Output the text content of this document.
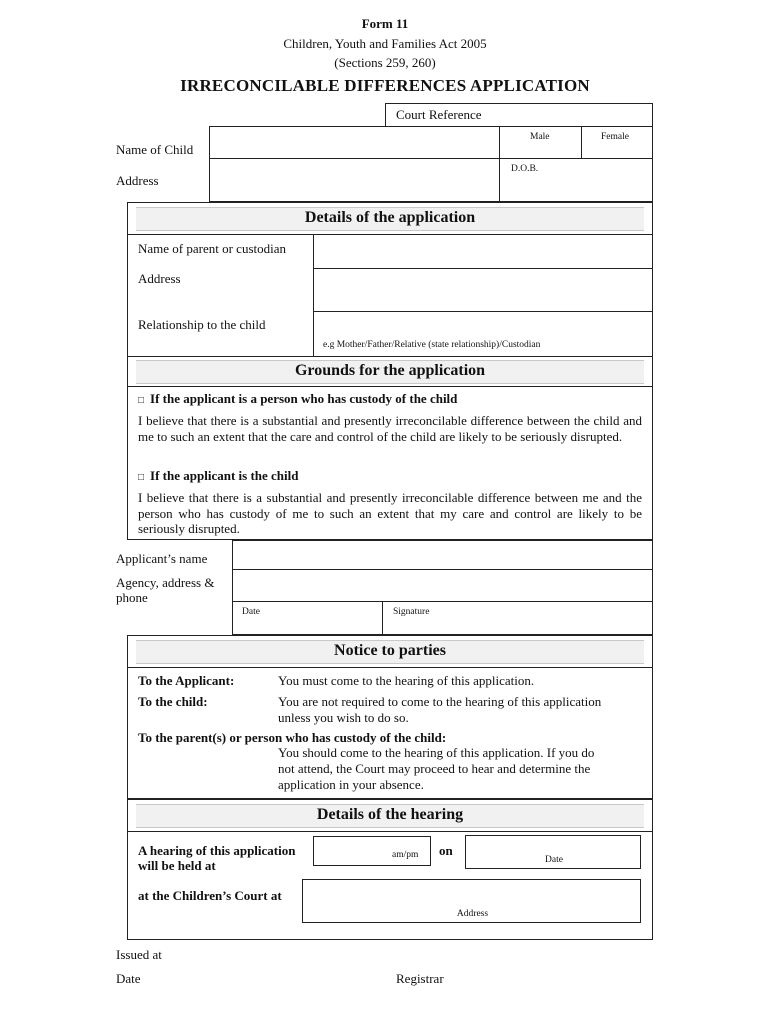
Form 11
Children, Youth and Families Act 2005
(Sections 259, 260)
IRRECONCILABLE DIFFERENCES APPLICATION
Court Reference
Male	Female
D.O.B.
Name of Child
Address
Details of the application
Name of parent or custodian
Address
Relationship to the child
e.g Mother/Father/Relative (state relationship)/Custodian
Grounds for the application
□ If the applicant is a person who has custody of the child
I believe that there is a substantial and presently irreconcilable difference between the child and me to such an extent that the care and control of the child are likely to be seriously disrupted.
□ If the applicant is the child
I believe that there is a substantial and presently irreconcilable difference between me and the person who has custody of me to such an extent that my care and control are likely to be seriously disrupted.
Date	Signature
Applicant’s name
Agency, address &
phone
Notice to parties
To the Applicant:	You must come to the hearing of this application.
To the child:	You are not required to come to the hearing of this application
unless you wish to do so.
To the parent(s) or person who has custody of the child:
You should come to the hearing of this application. If you do
not attend, the Court may proceed to hear and determine the
application in your absence.
Details of the hearing
A hearing of this application
will be held at
am/pm on
Date
at the Children’s Court at
Address
Issued at
Date	Registrar
